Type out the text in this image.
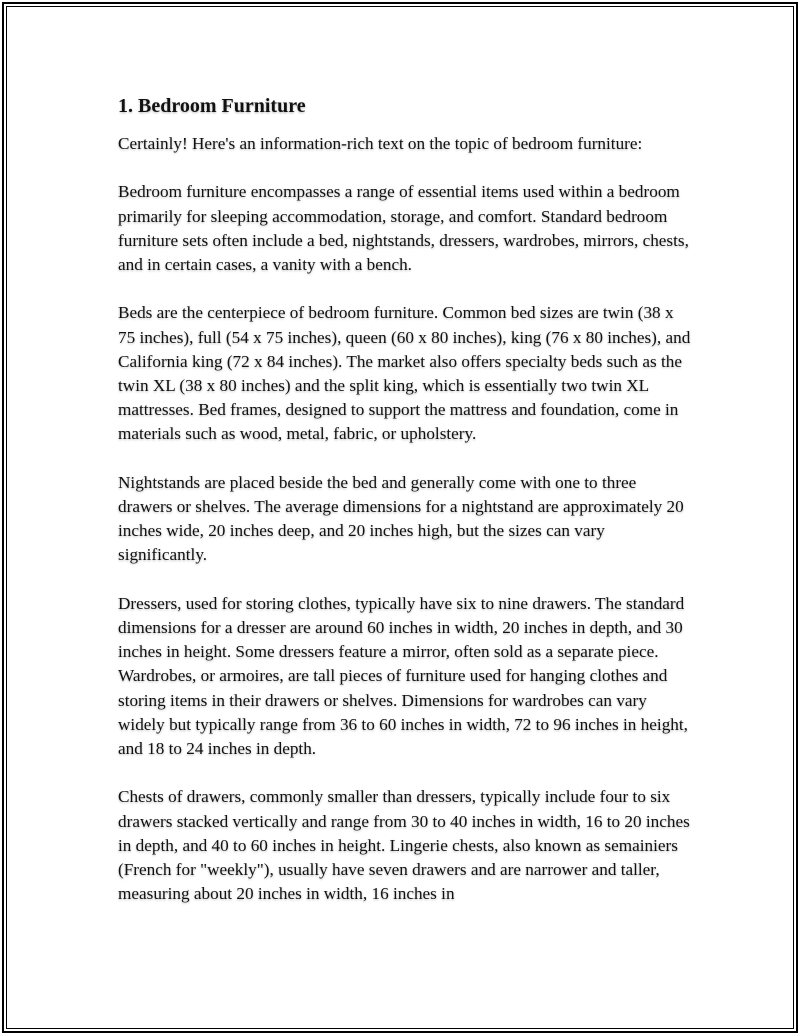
1. Bedroom Furniture

Certainly! Here's an information-rich text on the topic of bedroom furniture:

Bedroom furniture encompasses a range of essential items used within a bedroom primarily for sleeping accommodation, storage, and comfort. Standard bedroom furniture sets often include a bed, nightstands, dressers, wardrobes, mirrors, chests, and in certain cases, a vanity with a bench.

Beds are the centerpiece of bedroom furniture. Common bed sizes are twin (38 x 75 inches), full (54 x 75 inches), queen (60 x 80 inches), king (76 x 80 inches), and California king (72 x 84 inches). The market also offers specialty beds such as the twin XL (38 x 80 inches) and the split king, which is essentially two twin XL mattresses. Bed frames, designed to support the mattress and foundation, come in materials such as wood, metal, fabric, or upholstery.

Nightstands are placed beside the bed and generally come with one to three drawers or shelves. The average dimensions for a nightstand are approximately 20 inches wide, 20 inches deep, and 20 inches high, but the sizes can vary significantly.

Dressers, used for storing clothes, typically have six to nine drawers. The standard dimensions for a dresser are around 60 inches in width, 20 inches in depth, and 30 inches in height. Some dressers feature a mirror, often sold as a separate piece. Wardrobes, or armoires, are tall pieces of furniture used for hanging clothes and storing items in their drawers or shelves. Dimensions for wardrobes can vary widely but typically range from 36 to 60 inches in width, 72 to 96 inches in height, and 18 to 24 inches in depth.

Chests of drawers, commonly smaller than dressers, typically include four to six drawers stacked vertically and range from 30 to 40 inches in width, 16 to 20 inches in depth, and 40 to 60 inches in height. Lingerie chests, also known as semainiers (French for "weekly"), usually have seven drawers and are narrower and taller, measuring about 20 inches in width, 16 inches in
